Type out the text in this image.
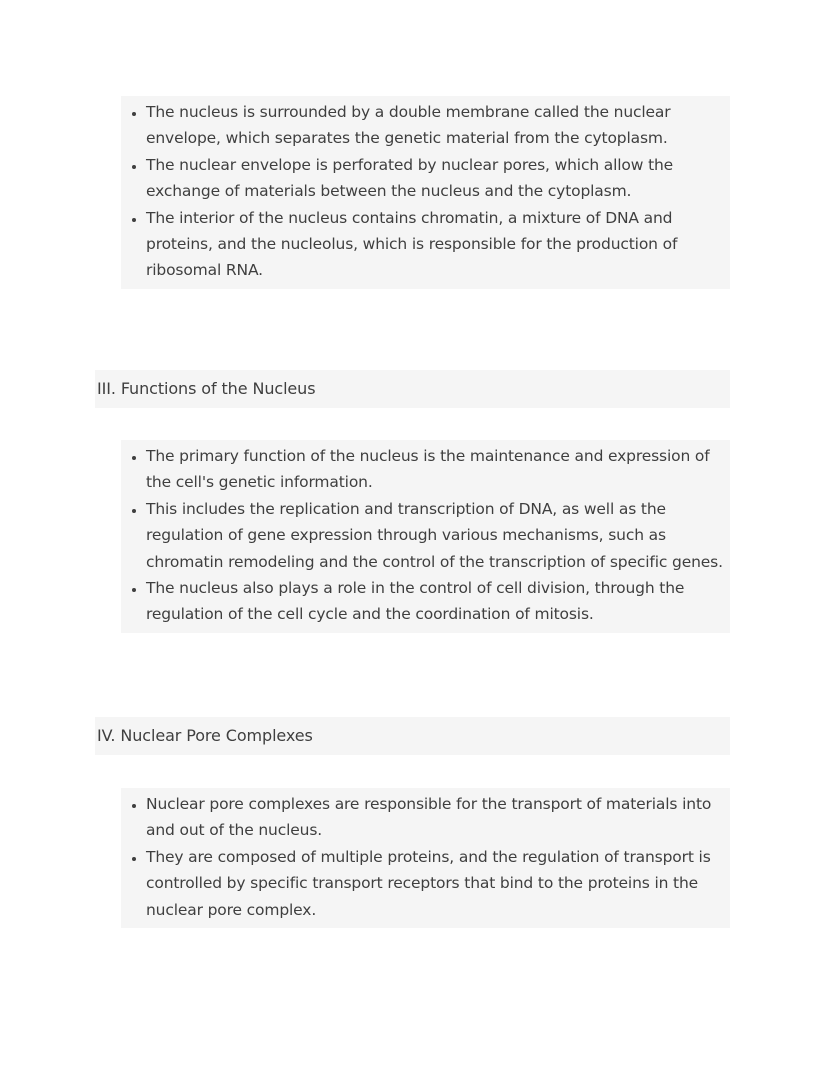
• The nucleus is surrounded by a double membrane called the nuclear envelope, which separates the genetic material from the cytoplasm.
• The nuclear envelope is perforated by nuclear pores, which allow the exchange of materials between the nucleus and the cytoplasm.
• The interior of the nucleus contains chromatin, a mixture of DNA and proteins, and the nucleolus, which is responsible for the production of ribosomal RNA.
III. Functions of the Nucleus
• The primary function of the nucleus is the maintenance and expression of the cell's genetic information.
• This includes the replication and transcription of DNA, as well as the regulation of gene expression through various mechanisms, such as chromatin remodeling and the control of the transcription of specific genes.
• The nucleus also plays a role in the control of cell division, through the regulation of the cell cycle and the coordination of mitosis.
IV. Nuclear Pore Complexes
• Nuclear pore complexes are responsible for the transport of materials into and out of the nucleus.
• They are composed of multiple proteins, and the regulation of transport is controlled by specific transport receptors that bind to the proteins in the nuclear pore complex.
